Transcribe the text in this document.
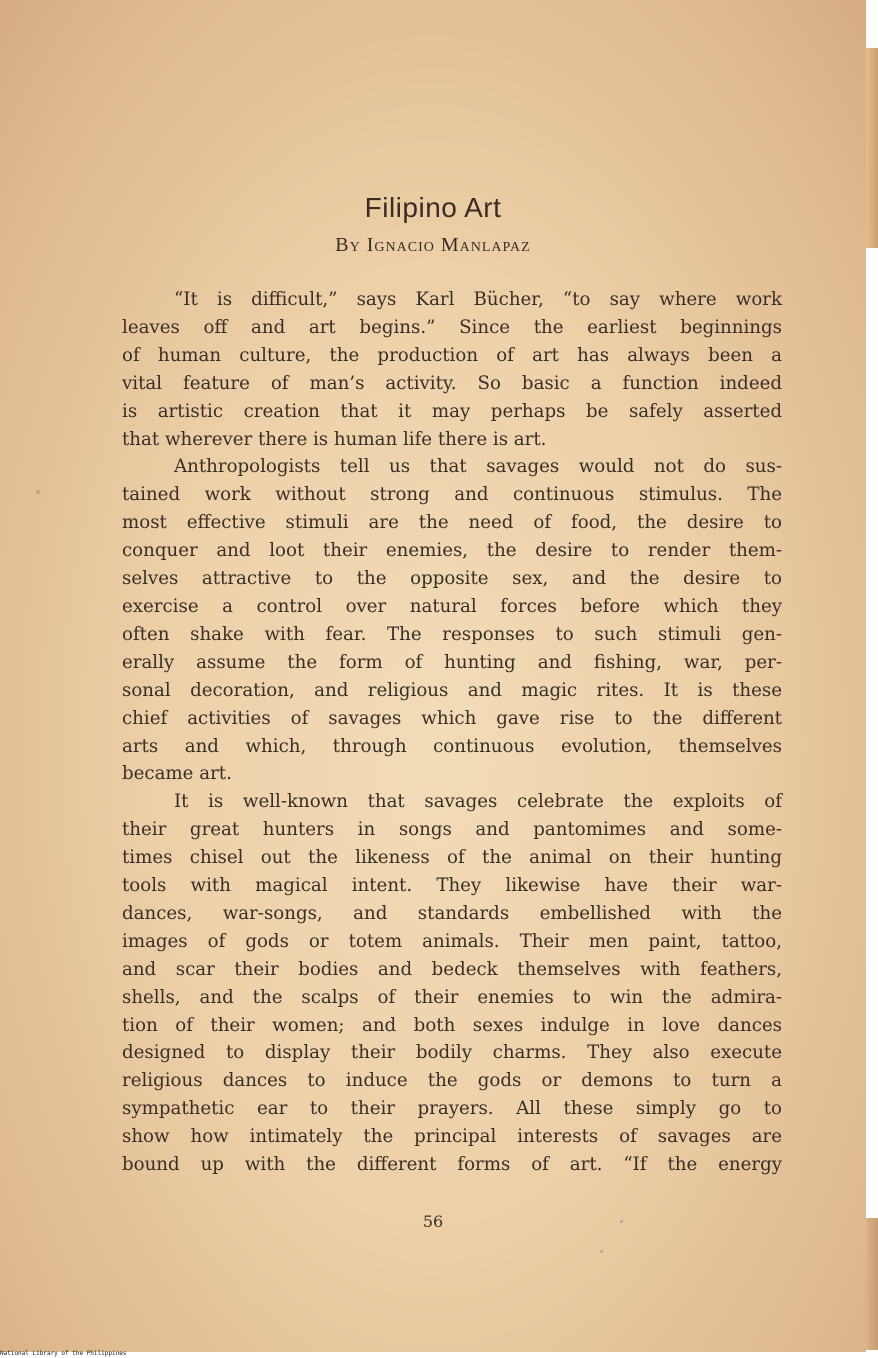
Filipino Art
By Ignacio Manlapaz

“It is difficult,” says Karl Bücher, “to say where work
leaves off and art begins.” Since the earliest beginnings
of human culture, the production of art has always been a
vital feature of man’s activity. So basic a function indeed
is artistic creation that it may perhaps be safely asserted
that wherever there is human life there is art.

Anthropologists tell us that savages would not do sus-
tained work without strong and continuous stimulus. The
most effective stimuli are the need of food, the desire to
conquer and loot their enemies, the desire to render them-
selves attractive to the opposite sex, and the desire to
exercise a control over natural forces before which they
often shake with fear. The responses to such stimuli gen-
erally assume the form of hunting and fishing, war, per-
sonal decoration, and religious and magic rites. It is these
chief activities of savages which gave rise to the different
arts and which, through continuous evolution, themselves
became art.

It is well-known that savages celebrate the exploits of
their great hunters in songs and pantomimes and some-
times chisel out the likeness of the animal on their hunting
tools with magical intent. They likewise have their war-
dances, war-songs, and standards embellished with the
images of gods or totem animals. Their men paint, tattoo,
and scar their bodies and bedeck themselves with feathers,
shells, and the scalps of their enemies to win the admira-
tion of their women; and both sexes indulge in love dances
designed to display their bodily charms. They also execute
religious dances to induce the gods or demons to turn a
sympathetic ear to their prayers. All these simply go to
show how intimately the principal interests of savages are
bound up with the different forms of art. “If the energy

56
National Library of the Philippines
